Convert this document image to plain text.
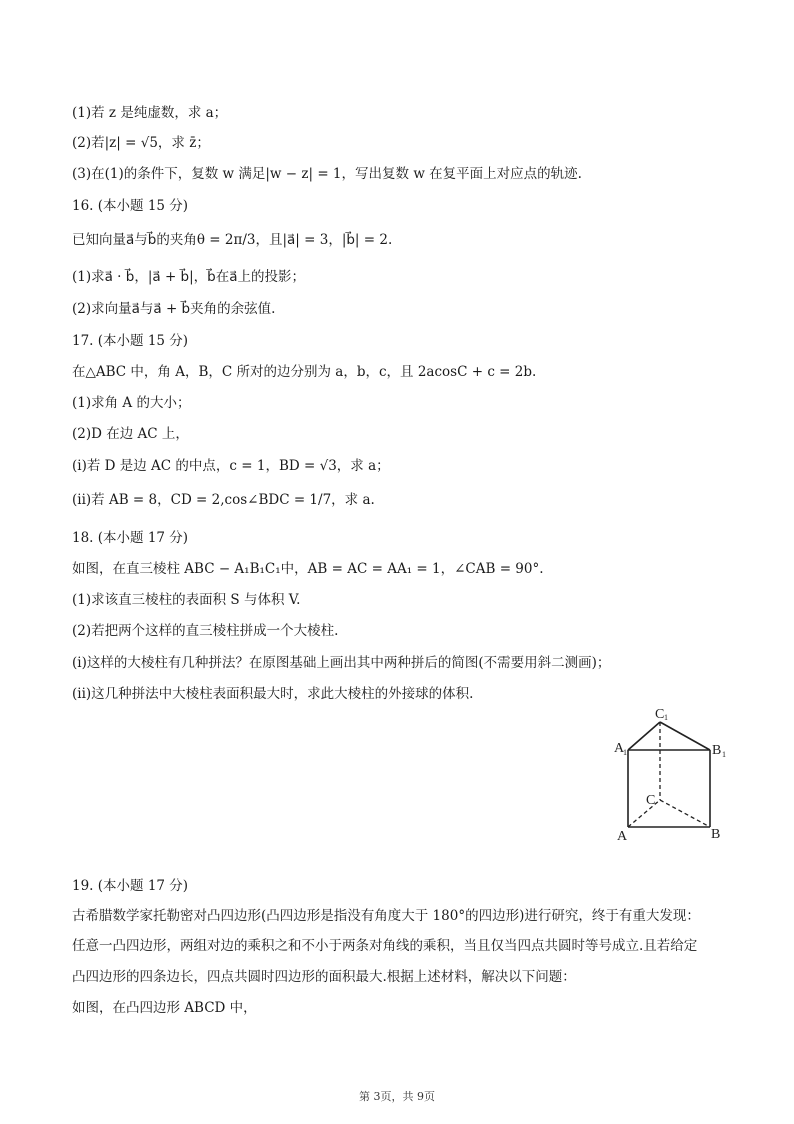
(1)若 z 是纯虚数，求 a；
(2)若|z| = √5，求 z̄；
(3)在(1)的条件下，复数 w 满足|w − z| = 1，写出复数 w 在复平面上对应点的轨迹.
16. (本小题 15 分)
已知向量a⃗与b⃗的夹角θ = 2π/3，且|a⃗| = 3，|b⃗| = 2.
(1)求a⃗ · b⃗，|a⃗ + b⃗|，b⃗在a⃗上的投影；
(2)求向量a⃗与a⃗ + b⃗夹角的余弦值.
17. (本小题 15 分)
在△ABC 中，角 A，B，C 所对的边分别为 a，b，c，且 2acosC + c = 2b.
(1)求角 A 的大小；
(2)D 在边 AC 上，
(i)若 D 是边 AC 的中点，c = 1，BD = √3，求 a；
(ii)若 AB = 8，CD = 2,cos∠BDC = 1/7，求 a.
18. (本小题 17 分)
如图，在直三棱柱 ABC − A₁B₁C₁中，AB = AC = AA₁ = 1，∠CAB = 90°.
(1)求该直三棱柱的表面积 S 与体积 V.
(2)若把两个这样的直三棱柱拼成一个大棱柱.
(i)这样的大棱柱有几种拼法？在原图基础上画出其中两种拼后的简图(不需要用斜二测画)；
(ii)这几种拼法中大棱柱表面积最大时，求此大棱柱的外接球的体积.
C 1
A
1	B 1
C
A	B
19. (本小题 17 分)
古希腊数学家托勒密对凸四边形(凸四边形是指没有角度大于 180°的四边形)进行研究，终于有重大发现：
任意一凸四边形，两组对边的乘积之和不小于两条对角线的乘积，当且仅当四点共圆时等号成立.且若给定
凸四边形的四条边长，四点共圆时四边形的面积最大.根据上述材料，解决以下问题：
如图，在凸四边形 ABCD 中，
第 3页，共 9页
